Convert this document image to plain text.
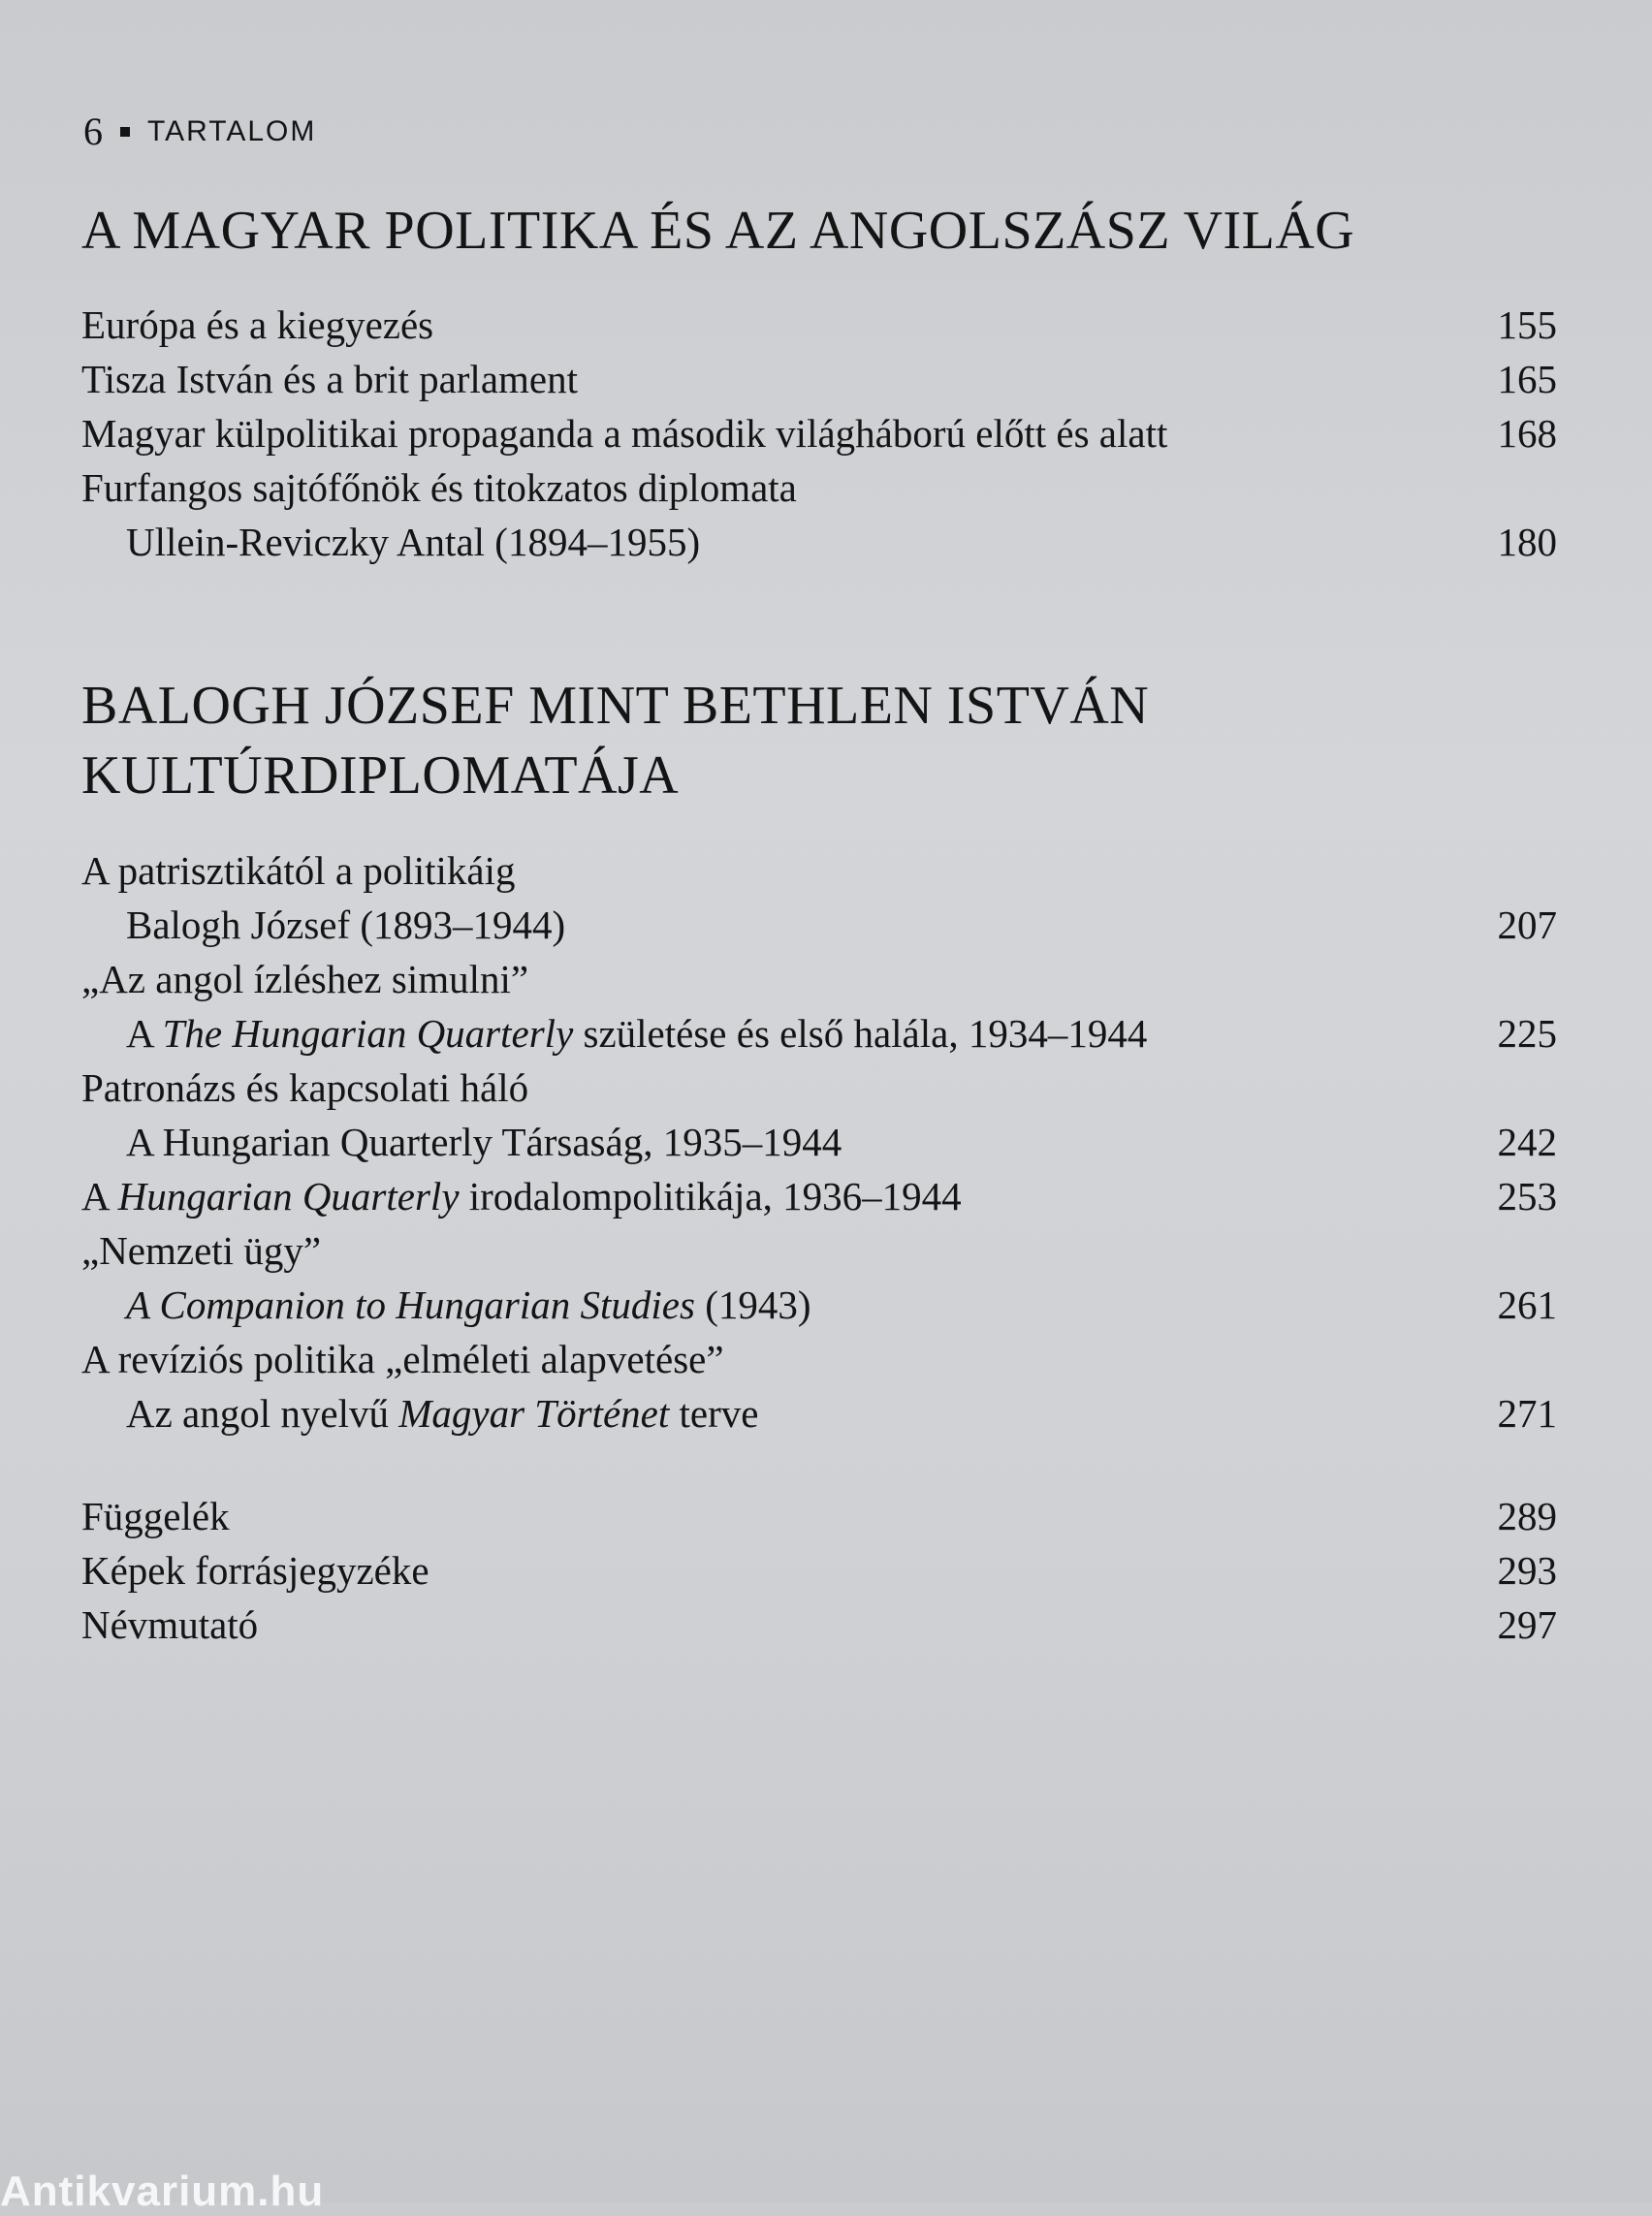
6 TARTALOM
A MAGYAR POLITIKA ÉS AZ ANGOLSZÁSZ VILÁG
Európa és a kiegyezés	155
Tisza István és a brit parlament	165
Magyar külpolitikai propaganda a második világháború előtt és alatt	168
Furfangos sajtófőnök és titokzatos diplomata
Ullein-Reviczky Antal (1894–1955)	180
BALOGH JÓZSEF MINT BETHLEN ISTVÁN
KULTÚRDIPLOMATÁJA
A patrisztikától a politikáig
Balogh József (1893–1944)	207
„Az angol ízléshez simulni”
A The Hungarian Quarterly születése és első halála, 1934–1944	225
Patronázs és kapcsolati háló
A Hungarian Quarterly Társaság, 1935–1944	242
A Hungarian Quarterly irodalompolitikája, 1936–1944	253
„Nemzeti ügy”
A Companion to Hungarian Studies (1943)	261
A revíziós politika „elméleti alapvetése”
Az angol nyelvű Magyar Történet terve	271
Függelék	289
Képek forrásjegyzéke	293
Névmutató	297
Antikvarium.hu
